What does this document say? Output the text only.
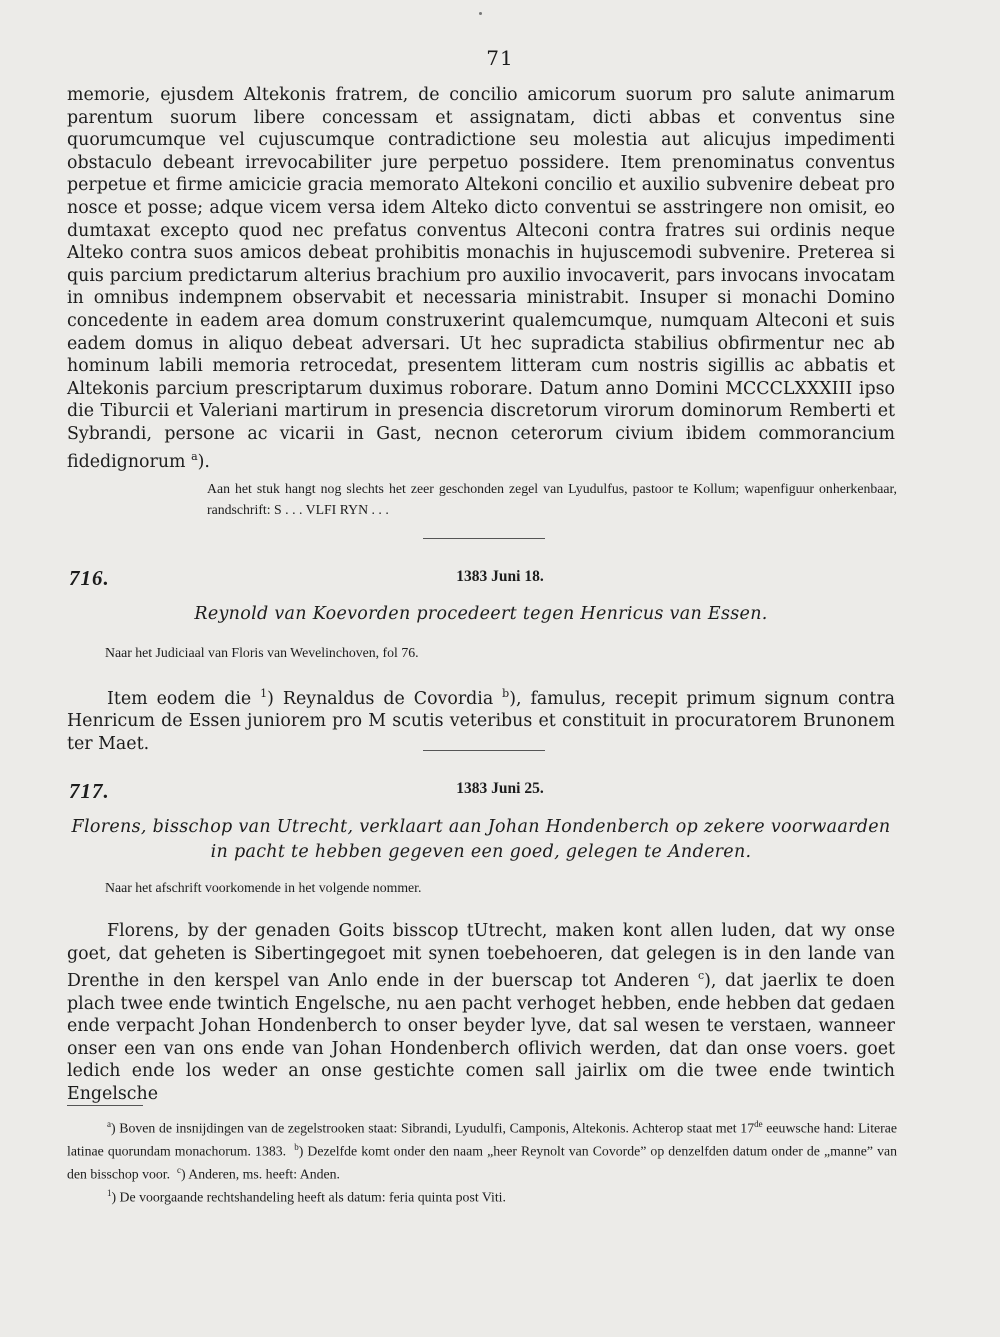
71

memorie, ejusdem Altekonis fratrem, de concilio amicorum suorum pro salute animarum parentum suorum libere concessam et assignatam, dicti abbas et conventus sine quorumcumque vel cujuscumque contradictione seu molestia aut alicujus impedimenti obstaculo debeant irrevocabiliter jure perpetuo possidere. Item prenominatus conventus perpetue et firme amicicie gracia memorato Altekoni concilio et auxilio subvenire debeat pro nosce et posse; adque vicem versa idem Alteko dicto conventui se asstringere non omisit, eo dumtaxat excepto quod nec prefatus conventus Alteconi contra fratres sui ordinis neque Alteko contra suos amicos debeat prohibitis monachis in hujuscemodi subvenire. Preterea si quis parcium predictarum alterius brachium pro auxilio invocaverit, pars invocans invocatam in omnibus indempnem observabit et necessaria ministrabit. Insuper si monachi Domino concedente in eadem area domum construxerint qualemcumque, numquam Alteconi et suis eadem domus in aliquo debeat adversari. Ut hec supradicta stabilius obfirmentur nec ab hominum labili memoria retrocedat, presentem litteram cum nostris sigillis ac abbatis et Altekonis parcium prescriptarum duximus roborare. Datum anno Domini MCCCLXXXIII ipso die Tiburcii et Valeriani martirum in presencia discretorum virorum dominorum Remberti et Sybrandi, persone ac vicarii in Gast, necnon ceterorum civium ibidem commorancium fidedignorum $^a$).

Aan het stuk hangt nog slechts het zeer geschonden zegel van Lyudulfus, pastoor te Kollum; wapenfiguur onherkenbaar, randschrift: S . . . VLFI RYN . . .
716.	1383 Juni 18.
Reynold van Koevorden procedeert tegen Henricus van Essen.
Naar het Judiciaal van Floris van Wevelinchoven, fol 76.

Item eodem die $^1$) Reynaldus de Covordia $^b$), famulus, recepit primum signum contra Henricum de Essen juniorem pro M scutis veteribus et constituit in procuratorem Brunonem ter Maet.

717.	1383 Juni 25.
Florens, bisschop van Utrecht, verklaart aan Johan Hondenberch op zekere voorwaarden
in pacht te hebben gegeven een goed, gelegen te Anderen.
Naar het afschrift voorkomende in het volgende nommer.

Florens, by der genaden Goits bisscop tUtrecht, maken kont allen luden, dat wy onse goet, dat geheten is Sibertingegoet mit synen toebehoeren, dat gelegen is in den lande van Drenthe in den kerspel van Anlo ende in der buerscap tot Anderen $^c$), dat jaerlix te doen plach twee ende twintich Engelsche, nu aen pacht verhoget hebben, ende hebben dat gedaen ende verpacht Johan Hondenberch to onser beyder lyve, dat sal wesen te verstaen, wanneer onser een van ons ende van Johan Hondenberch oflivich werden, dat dan onse voers. goet ledich ende los weder an onse gestichte comen sall jairlix om die twee ende twintich Engelsche

$^a$) Boven de insnijdingen van de zegelstrooken staat: Sibrandi, Lyudulfi, Camponis, Altekonis. Achterop staat met 17de eeuwsche hand: Literae latinae quorundam monachorum. 1383. $^b$) Dezelfde komt onder den naam „heer Reynolt van Covorde” op denzelfden datum onder de „manne” van den bisschop voor. $^c$) Anderen, ms. heeft: Anden.

$^1$) De voorgaande rechtshandeling heeft als datum: feria quinta post Viti.
